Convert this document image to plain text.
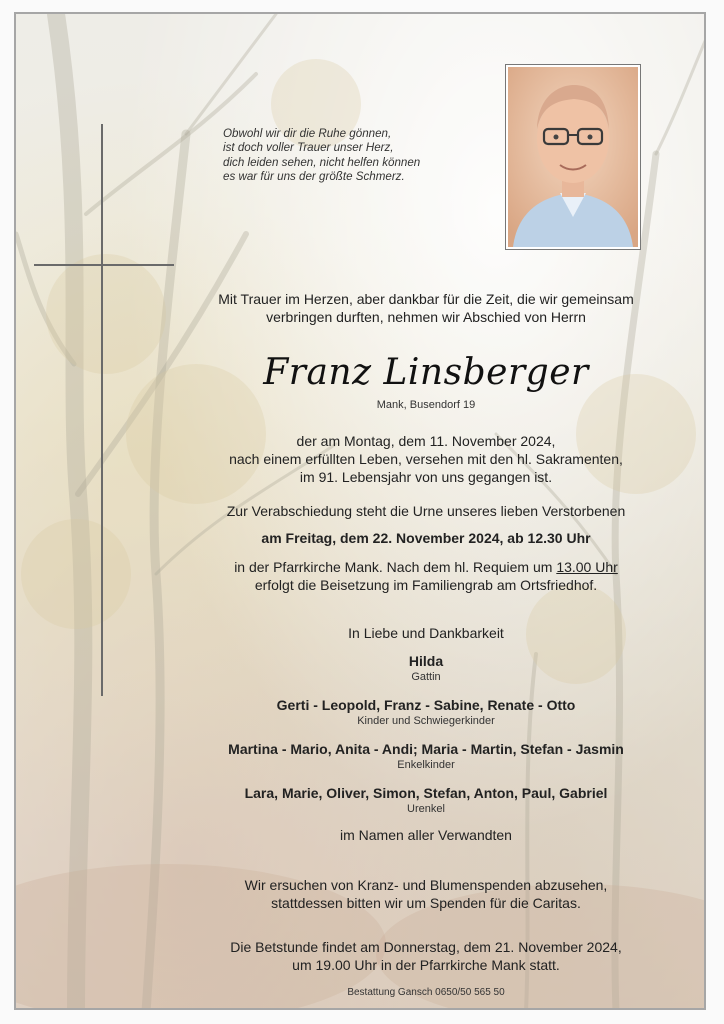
Obwohl wir dir die Ruhe gönnen,
ist doch voller Trauer unser Herz,
dich leiden sehen, nicht helfen können
es war für uns der größte Schmerz.

Mit Trauer im Herzen, aber dankbar für die Zeit, die wir gemeinsam
verbringen durften, nehmen wir Abschied von Herrn
Franz Linsberger
Mank, Busendorf 19
der am Montag, dem 11. November 2024,
nach einem erfüllten Leben, versehen mit den hl. Sakramenten,
im 91. Lebensjahr von uns gegangen ist.
Zur Verabschiedung steht die Urne unseres lieben Verstorbenen
am Freitag, dem 22. November 2024, ab 12.30 Uhr
in der Pfarrkirche Mank. Nach dem hl. Requiem um 13.00 Uhr
erfolgt die Beisetzung im Familiengrab am Ortsfriedhof.
In Liebe und Dankbarkeit
Hilda
Gattin
Gerti - Leopold, Franz - Sabine, Renate - Otto
Kinder und Schwiegerkinder
Martina - Mario, Anita - Andi; Maria - Martin, Stefan - Jasmin
Enkelkinder
Lara, Marie, Oliver, Simon, Stefan, Anton, Paul, Gabriel
Urenkel
im Namen aller Verwandten
Wir ersuchen von Kranz- und Blumenspenden abzusehen,
stattdessen bitten wir um Spenden für die Caritas.
Die Betstunde findet am Donnerstag, dem 21. November 2024,
um 19.00 Uhr in der Pfarrkirche Mank statt.
Bestattung Gansch 0650/50 565 50
